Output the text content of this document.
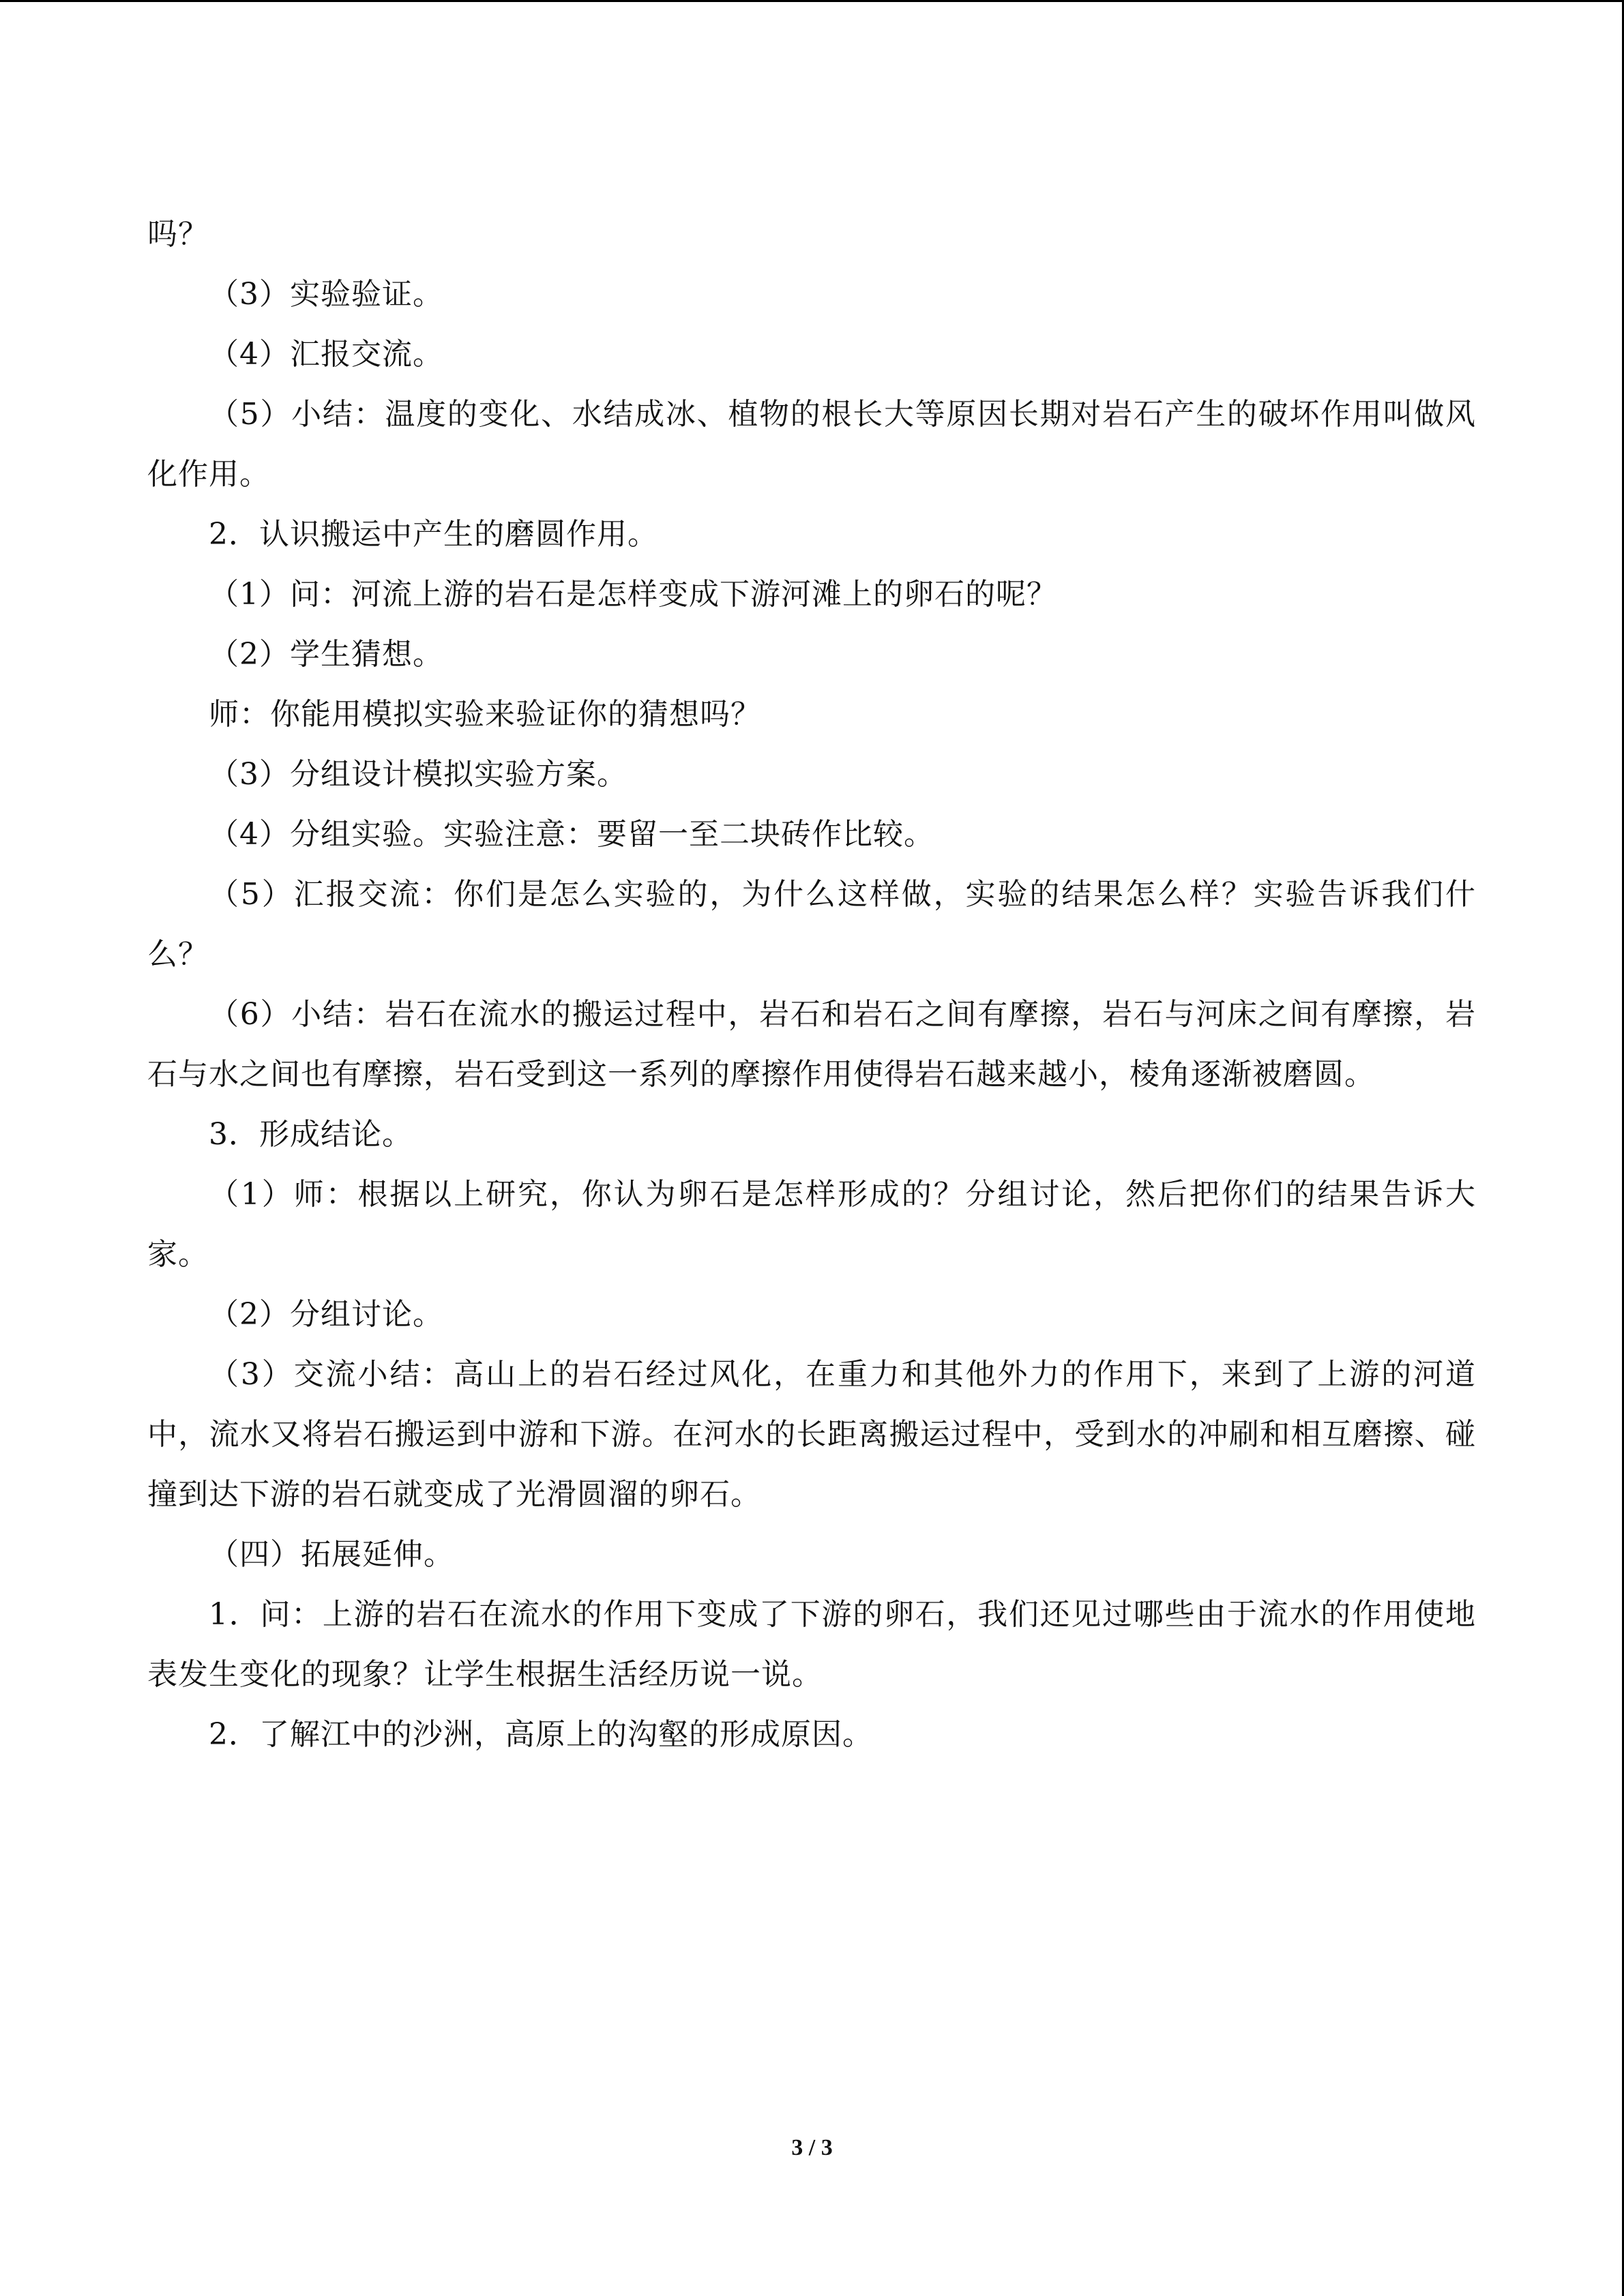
吗？

（3）实验验证。

（4）汇报交流。

（5）小结：温度的变化、水结成冰、植物的根长大等原因长期对岩石产生的破坏作用叫做风化作用。

2．认识搬运中产生的磨圆作用。

（1）问：河流上游的岩石是怎样变成下游河滩上的卵石的呢？

（2）学生猜想。

师：你能用模拟实验来验证你的猜想吗？

（3）分组设计模拟实验方案。

（4）分组实验。实验注意：要留一至二块砖作比较。

（5）汇报交流：你们是怎么实验的，为什么这样做，实验的结果怎么样？实验告诉我们什么？

（6）小结：岩石在流水的搬运过程中，岩石和岩石之间有摩擦，岩石与河床之间有摩擦，岩石与水之间也有摩擦，岩石受到这一系列的摩擦作用使得岩石越来越小，棱角逐渐被磨圆。

3．形成结论。

（1）师：根据以上研究，你认为卵石是怎样形成的？分组讨论，然后把你们的结果告诉大家。

（2）分组讨论。

（3）交流小结：高山上的岩石经过风化，在重力和其他外力的作用下，来到了上游的河道中，流水又将岩石搬运到中游和下游。在河水的长距离搬运过程中，受到水的冲刷和相互磨擦、碰撞到达下游的岩石就变成了光滑圆溜的卵石。

（四）拓展延伸。

1．问：上游的岩石在流水的作用下变成了下游的卵石，我们还见过哪些由于流水的作用使地表发生变化的现象？让学生根据生活经历说一说。

2．了解江中的沙洲，高原上的沟壑的形成原因。

3 / 3
